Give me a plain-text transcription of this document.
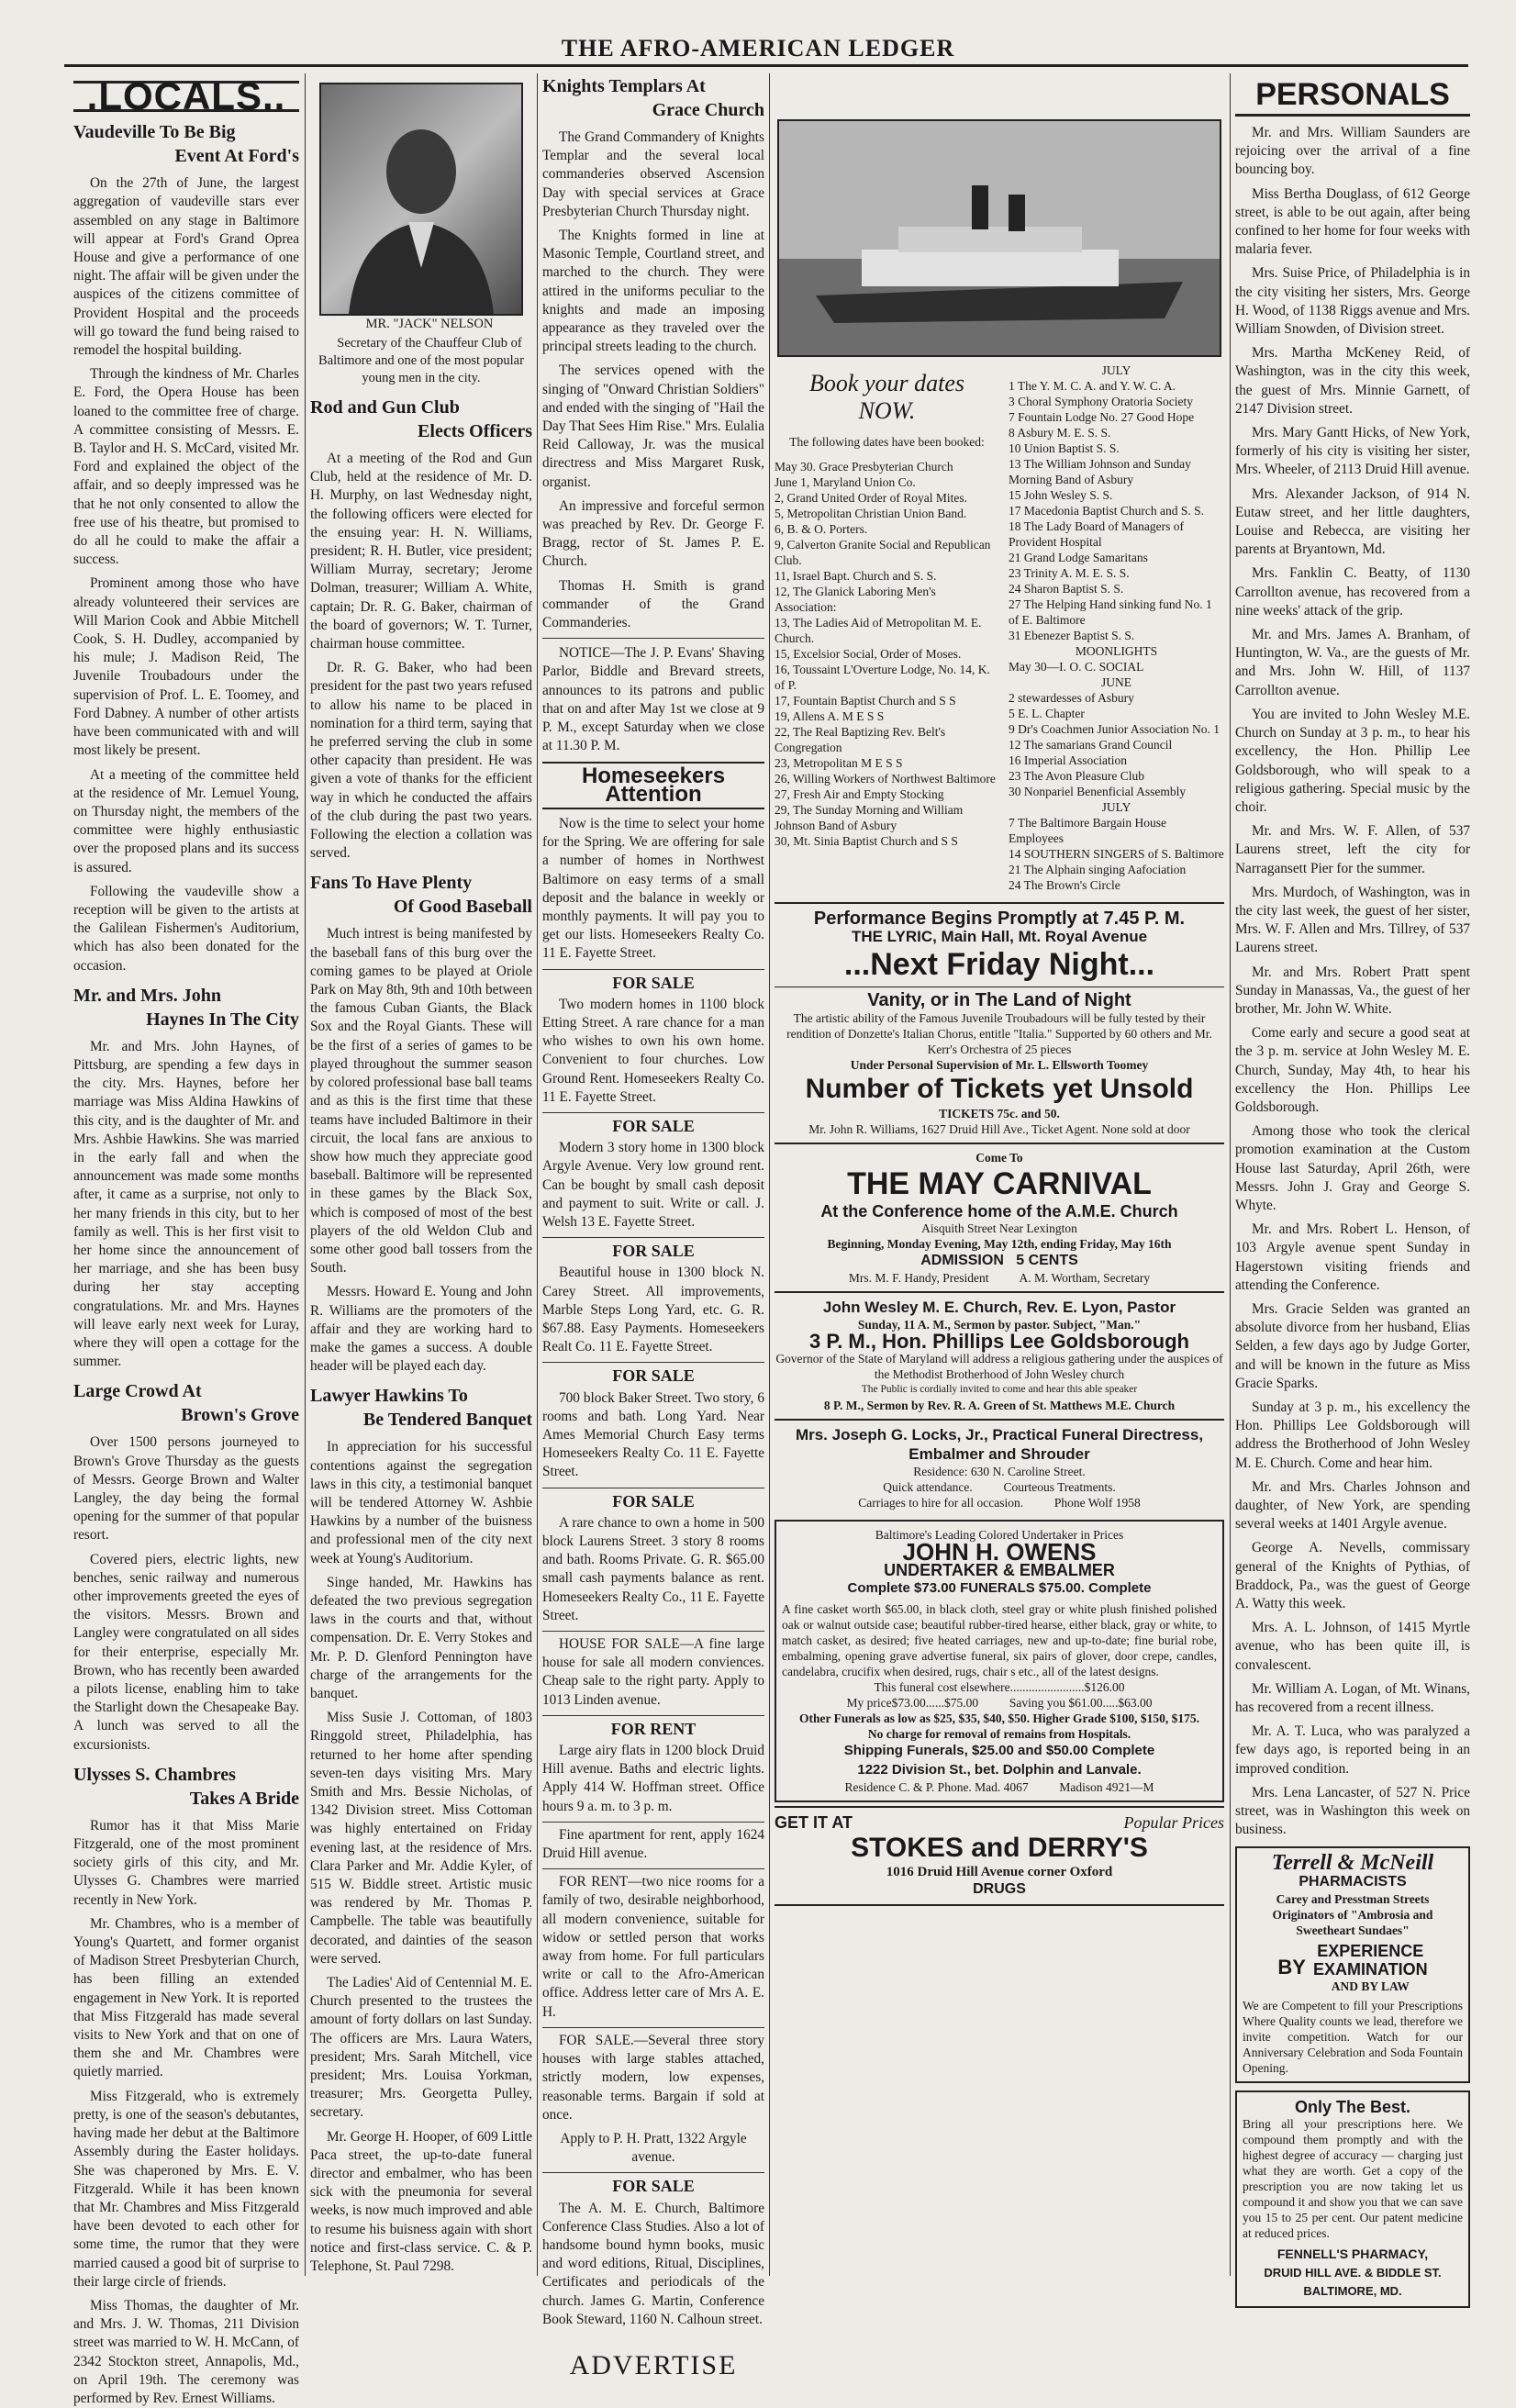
THE AFRO-AMERICAN LEDGER
.LOCALS..
Vaudeville To Be Big
Event At Ford's

On the 27th of June, the largest aggregation of vaudeville stars ever assembled on any stage in Baltimore will appear at Ford's Grand Oprea House and give a performance of one night. The affair will be given under the auspices of the citizens committee of Provident Hospital and the proceeds will go toward the fund being raised to remodel the hospital building.

Through the kindness of Mr. Charles E. Ford, the Opera House has been loaned to the committee free of charge. A committee consisting of Messrs. E. B. Taylor and H. S. McCard, visited Mr. Ford and explained the object of the affair, and so deeply impressed was he that he not only consented to allow the free use of his theatre, but promised to do all he could to make the affair a success.

Prominent among those who have already volunteered their services are Will Marion Cook and Abbie Mitchell Cook, S. H. Dudley, accompanied by his mule; J. Madison Reid, The Juvenile Troubadours under the supervision of Prof. L. E. Toomey, and Ford Dabney. A number of other artists have been communicated with and will most likely be present.

At a meeting of the committee held at the residence of Mr. Lemuel Young, on Thursday night, the members of the committee were highly enthusiastic over the proposed plans and its success is assured.

Following the vaudeville show a reception will be given to the artists at the Galilean Fishermen's Auditorium, which has also been donated for the occasion.

Mr. and Mrs. John
Haynes In The City

Mr. and Mrs. John Haynes, of Pittsburg, are spending a few days in the city. Mrs. Haynes, before her marriage was Miss Aldina Hawkins of this city, and is the daughter of Mr. and Mrs. Ashbie Hawkins. She was married in the early fall and when the announcement was made some months after, it came as a surprise, not only to her many friends in this city, but to her family as well. This is her first visit to her home since the announcement of her marriage, and she has been busy during her stay accepting congratulations. Mr. and Mrs. Haynes will leave early next week for Luray, where they will open a cottage for the summer.

Large Crowd At
Brown's Grove

Over 1500 persons journeyed to Brown's Grove Thursday as the guests of Messrs. George Brown and Walter Langley, the day being the formal opening for the summer of that popular resort.

Covered piers, electric lights, new benches, senic railway and numerous other improvements greeted the eyes of the visitors. Messrs. Brown and Langley were congratulated on all sides for their enterprise, especially Mr. Brown, who has recently been awarded a pilots license, enabling him to take the Starlight down the Chesapeake Bay. A lunch was served to all the excursionists.

Ulysses S. Chambres
Takes A Bride

Rumor has it that Miss Marie Fitzgerald, one of the most prominent society girls of this city, and Mr. Ulysses G. Chambres were married recently in New York.

Mr. Chambres, who is a member of Young's Quartett, and former organist of Madison Street Presbyterian Church, has been filling an extended engagement in New York. It is reported that Miss Fitzgerald has made several visits to New York and that on one of them she and Mr. Chambres were quietly married.

Miss Fitzgerald, who is extremely pretty, is one of the season's debutantes, having made her debut at the Baltimore Assembly during the Easter holidays. She was chaperoned by Mrs. E. V. Fitzgerald. While it has been known that Mr. Chambres and Miss Fitzgerald have been devoted to each other for some time, the rumor that they were married caused a good bit of surprise to their large circle of friends.

Miss Thomas, the daughter of Mr. and Mrs. J. W. Thomas, 211 Division street was married to W. H. McCann, of 2342 Stockton street, Annapolis, Md., on April 19th. The ceremony was performed by Rev. Ernest Williams.

MR. "JACK" NELSON

Secretary of the Chauffeur Club of Baltimore and one of the most popular young men in the city.

Rod and Gun Club
Elects Officers

At a meeting of the Rod and Gun Club, held at the residence of Mr. D. H. Murphy, on last Wednesday night, the following officers were elected for the ensuing year: H. N. Williams, president; R. H. Butler, vice president; William Murray, secretary; Jerome Dolman, treasurer; William A. White, captain; Dr. R. G. Baker, chairman of the board of governors; W. T. Turner, chairman house committee.

Dr. R. G. Baker, who had been president for the past two years refused to allow his name to be placed in nomination for a third term, saying that he preferred serving the club in some other capacity than president. He was given a vote of thanks for the efficient way in which he conducted the affairs of the club during the past two years. Following the election a collation was served.

Fans To Have Plenty
Of Good Baseball

Much intrest is being manifested by the baseball fans of this burg over the coming games to be played at Oriole Park on May 8th, 9th and 10th between the famous Cuban Giants, the Black Sox and the Royal Giants. These will be the first of a series of games to be played throughout the summer season by colored professional base ball teams and as this is the first time that these teams have included Baltimore in their circuit, the local fans are anxious to show how much they appreciate good baseball. Baltimore will be represented in these games by the Black Sox, which is composed of most of the best players of the old Weldon Club and some other good ball tossers from the South.

Messrs. Howard E. Young and John R. Williams are the promoters of the affair and they are working hard to make the games a success. A double header will be played each day.

Lawyer Hawkins To
Be Tendered Banquet

In appreciation for his successful contentions against the segregation laws in this city, a testimonial banquet will be tendered Attorney W. Ashbie Hawkins by a number of the buisness and professional men of the city next week at Young's Auditorium.

Singe handed, Mr. Hawkins has defeated the two previous segregation laws in the courts and that, without compensation. Dr. E. Verry Stokes and Mr. P. D. Glenford Pennington have charge of the arrangements for the banquet.

Miss Susie J. Cottoman, of 1803 Ringgold street, Philadelphia, has returned to her home after spending seven-ten days visiting Mrs. Mary Smith and Mrs. Bessie Nicholas, of 1342 Division street. Miss Cottoman was highly entertained on Friday evening last, at the residence of Mrs. Clara Parker and Mr. Addie Kyler, of 515 W. Biddle street. Artistic music was rendered by Mr. Thomas P. Campbelle. The table was beautifully decorated, and dainties of the season were served.

The Ladies' Aid of Centennial M. E. Church presented to the trustees the amount of forty dollars on last Sunday. The officers are Mrs. Laura Waters, president; Mrs. Sarah Mitchell, vice president; Mrs. Louisa Yorkman, treasurer; Mrs. Georgetta Pulley, secretary.

Mr. George H. Hooper, of 609 Little Paca street, the up-to-date funeral director and embalmer, who has been sick with the pneumonia for several weeks, is now much improved and able to resume his buisness again with short notice and first-class service. C. & P. Telephone, St. Paul 7298.

Knights Templars At
Grace Church

The Grand Commandery of Knights Templar and the several local commanderies observed Ascension Day with special services at Grace Presbyterian Church Thursday night.

The Knights formed in line at Masonic Temple, Courtland street, and marched to the church. They were attired in the uniforms peculiar to the knights and made an imposing appearance as they traveled over the principal streets leading to the church.

The services opened with the singing of "Onward Christian Soldiers" and ended with the singing of "Hail the Day That Sees Him Rise." Mrs. Eulalia Reid Calloway, Jr. was the musical directress and Miss Margaret Rusk, organist.

An impressive and forceful sermon was preached by Rev. Dr. George F. Bragg, rector of St. James P. E. Church.

Thomas H. Smith is grand commander of the Grand Commanderies.

NOTICE—The J. P. Evans' Shaving Parlor, Biddle and Brevard streets, announces to its patrons and public that on and after May 1st we close at 9 P. M., except Saturday when we close at 11.30 P. M.

Homeseekers Attention

Now is the time to select your home for the Spring. We are offering for sale a number of homes in Northwest Baltimore on easy terms of a small deposit and the balance in weekly or monthly payments. It will pay you to get our lists. Homeseekers Realty Co. 11 E. Fayette Street.

FOR SALE

Two modern homes in 1100 block Etting Street. A rare chance for a man who wishes to own his own home. Convenient to four churches. Low Ground Rent. Homeseekers Realty Co. 11 E. Fayette Street.

FOR SALE

Modern 3 story home in 1300 block Argyle Avenue. Very low ground rent. Can be bought by small cash deposit and payment to suit. Write or call. J. Welsh 13 E. Fayette Street.

FOR SALE

Beautiful house in 1300 block N. Carey Street. All improvements, Marble Steps Long Yard, etc. G. R. $67.88. Easy Payments. Homeseekers Realt Co. 11 E. Fayette Street.

FOR SALE

700 block Baker Street. Two story, 6 rooms and bath. Long Yard. Near Ames Memorial Church Easy terms Homeseekers Realty Co. 11 E. Fayette Street.

FOR SALE

A rare chance to own a home in 500 block Laurens Street. 3 story 8 rooms and bath. Rooms Private. G. R. $65.00 small cash payments balance as rent. Homeseekers Realty Co., 11 E. Fayette Street.

HOUSE FOR SALE—A fine large house for sale all modern conviences. Cheap sale to the right party. Apply to 1013 Linden avenue.

FOR RENT

Large airy flats in 1200 block Druid Hill avenue. Baths and electric lights. Apply 414 W. Hoffman street. Office hours 9 a. m. to 3 p. m.

Fine apartment for rent, apply 1624 Druid Hill avenue.

FOR RENT—two nice rooms for a family of two, desirable neighborhood, all modern convenience, suitable for widow or settled person that works away from home. For full particulars write or call to the Afro-American office. Address letter care of Mrs A. E. H.

FOR SALE.—Several three story houses with large stables attached, strictly modern, low expenses, reasonable terms. Bargain if sold at once.

Apply to P. H. Pratt, 1322 Argyle avenue.

FOR SALE

The A. M. E. Church, Baltimore Conference Class Studies. Also a lot of handsome bound hymn books, music and word editions, Ritual, Disciplines, Certificates and periodicals of the church. James G. Martin, Conference Book Steward, 1160 N. Calhoun street.

ADVERTISE
Book your dates
NOW.
The following dates have been booked:
May 30. Grace Presbyterian Church
June 1, Maryland Union Co.
2, Grand United Order of Royal Mites.
5, Metropolitan Christian Union Band.
6, B. & O. Porters.
9, Calverton Granite Social and Republican Club.
11, Israel Bapt. Church and S. S.
12, The Glanick Laboring Men's Association:
13, The Ladies Aid of Metropolitan M. E. Church.
15, Excelsior Social, Order of Moses.
16, Toussaint L'Overture Lodge, No. 14, K. of P.
17, Fountain Baptist Church and S S
19, Allens A. M E S S
22, The Real Baptizing Rev. Belt's Congregation
23, Metropolitan M E S S
26, Willing Workers of Northwest Baltimore
27, Fresh Air and Empty Stocking
29, The Sunday Morning and William Johnson Band of Asbury
30, Mt. Sinia Baptist Church and S S
JULY
1 The Y. M. C. A. and Y. W. C. A.
3 Choral Symphony Oratoria Society
7 Fountain Lodge No. 27 Good Hope
8 Asbury M. E. S. S.
10 Union Baptist S. S.
13 The William Johnson and Sunday Morning Band of Asbury
15 John Wesley S. S.
17 Macedonia Baptist Church and S. S.
18 The Lady Board of Managers of Provident Hospital
21 Grand Lodge Samaritans
23 Trinity A. M. E. S. S.
24 Sharon Baptist S. S.
27 The Helping Hand sinking fund No. 1 of E. Baltimore
31 Ebenezer Baptist S. S.
MOONLIGHTS
May 30—I. O. C. SOCIAL
JUNE
2 stewardesses of Asbury
5 E. L. Chapter
9 Dr's Coachmen Junior Association No. 1
12 The samarians Grand Council
16 Imperial Association
23 The Avon Pleasure Club
30 Nonpariel Benenficial Assembly
JULY
7 The Baltimore Bargain House Employees
14 SOUTHERN SINGERS of S. Baltimore
21 The Alphain singing Aafociation
24 The Brown's Circle
Performance Begins Promptly at 7.45 P. M.
THE LYRIC, Main Hall, Mt. Royal Avenue
...Next Friday Night...
Vanity, or in The Land of Night
The artistic ability of the Famous Juvenile Troubadours will be fully tested by their rendition of Donzette's Italian Chorus, entitle "Italia." Supported by 60 others and Mr. Kerr's Orchestra of 25 pieces
Under Personal Supervision of Mr. L. Ellsworth Toomey
Number of Tickets yet Unsold
TICKETS 75c. and 50.
Mr. John R. Williams, 1627 Druid Hill Ave., Ticket Agent. None sold at door
Come To
THE MAY CARNIVAL
At the Conference home of the A.M.E. Church
Aisquith Street Near Lexington
Beginning, Monday Evening, May 12th, ending Friday, May 16th
ADMISSION 5 CENTS
Mrs. M. F. Handy, President          A. M. Wortham, Secretary
John Wesley M. E. Church, Rev. E. Lyon, Pastor
Sunday, 11 A. M., Sermon by pastor. Subject, "Man."
3 P. M., Hon. Phillips Lee Goldsborough
Governor of the State of Maryland will address a religious gathering under the auspices of the Methodist Brotherhood of John Wesley church
The Public is cordially invited to come and hear this able speaker
8 P. M., Sermon by Rev. R. A. Green of St. Matthews M.E. Church
Mrs. Joseph G. Locks, Jr., Practical Funeral Directress, Embalmer and Shrouder
Residence: 630 N. Caroline Street.
Quick attendance.          Courteous Treatments.
Carriages to hire for all occasion.          Phone Wolf 1958
Baltimore's Leading Colored Undertaker in Prices
JOHN H. OWENS
UNDERTAKER & EMBALMER
Complete $73.00 FUNERALS $75.00. Complete
A fine casket worth $65.00, in black cloth, steel gray or white plush finished polished oak or walnut outside case; beautiful rubber-tired hearse, either black, gray or white, to match casket, as desired; five heated carriages, new and up-to-date; fine burial robe, embalming, opening grave advertise funeral, six pairs of glover, door crepe, candles, candelabra, crucifix when desired, rugs, chair s etc., all of the latest designs.
This funeral cost elsewhere........................$126.00
My price$73.00......$75.00          Saving you $61.00.....$63.00
Other Funerals as low as $25, $35, $40, $50. Higher Grade $100, $150, $175.
No charge for removal of remains from Hospitals.
Shipping Funerals, $25.00 and $50.00 Complete
1222 Division St., bet. Dolphin and Lanvale.
Residence C. & P. Phone. Mad. 4067          Madison 4921—M
GET IT AT	Popular Prices
STOKES and DERRY'S
1016 Druid Hill Avenue corner Oxford
DRUGS
PERSONALS

Mr. and Mrs. William Saunders are rejoicing over the arrival of a fine bouncing boy.

Miss Bertha Douglass, of 612 George street, is able to be out again, after being confined to her home for four weeks with malaria fever.

Mrs. Suise Price, of Philadelphia is in the city visiting her sisters, Mrs. George H. Wood, of 1138 Riggs avenue and Mrs. William Snowden, of Division street.

Mrs. Martha McKeney Reid, of Washington, was in the city this week, the guest of Mrs. Minnie Garnett, of 2147 Division street.

Mrs. Mary Gantt Hicks, of New York, formerly of his city is visiting her sister, Mrs. Wheeler, of 2113 Druid Hill avenue.

Mrs. Alexander Jackson, of 914 N. Eutaw street, and her little daughters, Louise and Rebecca, are visiting her parents at Bryantown, Md.

Mrs. Fanklin C. Beatty, of 1130 Carrollton avenue, has recovered from a nine weeks' attack of the grip.

Mr. and Mrs. James A. Branham, of Huntington, W. Va., are the guests of Mr. and Mrs. John W. Hill, of 1137 Carrollton avenue.

You are invited to John Wesley M.E. Church on Sunday at 3 p. m., to hear his excellency, the Hon. Phillip Lee Goldsborough, who will speak to a religious gathering. Special music by the choir.

Mr. and Mrs. W. F. Allen, of 537 Laurens street, left the city for Narragansett Pier for the summer.

Mrs. Murdoch, of Washington, was in the city last week, the guest of her sister, Mrs. W. F. Allen and Mrs. Tillrey, of 537 Laurens street.

Mr. and Mrs. Robert Pratt spent Sunday in Manassas, Va., the guest of her brother, Mr. John W. White.

Come early and secure a good seat at the 3 p. m. service at John Wesley M. E. Church, Sunday, May 4th, to hear his excellency the Hon. Phillips Lee Goldsborough.

Among those who took the clerical promotion examination at the Custom House last Saturday, April 26th, were Messrs. John J. Gray and George S. Whyte.

Mr. and Mrs. Robert L. Henson, of 103 Argyle avenue spent Sunday in Hagerstown visiting friends and attending the Conference.

Mrs. Gracie Selden was granted an absolute divorce from her husband, Elias Selden, a few days ago by Judge Gorter, and will be known in the future as Miss Gracie Sparks.

Sunday at 3 p. m., his excellency the Hon. Phillips Lee Goldsborough will address the Brotherhood of John Wesley M. E. Church. Come and hear him.

Mr. and Mrs. Charles Johnson and daughter, of New York, are spending several weeks at 1401 Argyle avenue.

George A. Nevells, commissary general of the Knights of Pythias, of Braddock, Pa., was the guest of George A. Watty this week.

Mrs. A. L. Johnson, of 1415 Myrtle avenue, who has been quite ill, is convalescent.

Mr. William A. Logan, of Mt. Winans, has recovered from a recent illness.

Mr. A. T. Luca, who was paralyzed a few days ago, is reported being in an improved condition.

Mrs. Lena Lancaster, of 527 N. Price street, was in Washington this week on business.

Terrell & McNeill
PHARMACISTS
Carey and Presstman Streets
Originators of "Ambrosia and Sweetheart Sundaes"
BY
EXPERIENCE
EXAMINATION
AND BY LAW
We are Competent to fill your Prescriptions Where Quality counts we lead, therefore we invite competition. Watch for our Anniversary Celebration and Soda Fountain Opening.
Only The Best.
Bring all your prescriptions here. We compound them promptly and with the highest degree of accuracy — charging just what they are worth. Get a copy of the prescription you are now taking let us compound it and show you that we can save you 15 to 25 per cent. Our patent medicine at reduced prices.
FENNELL'S PHARMACY,
DRUID HILL AVE. & BIDDLE ST.
BALTIMORE, MD.
